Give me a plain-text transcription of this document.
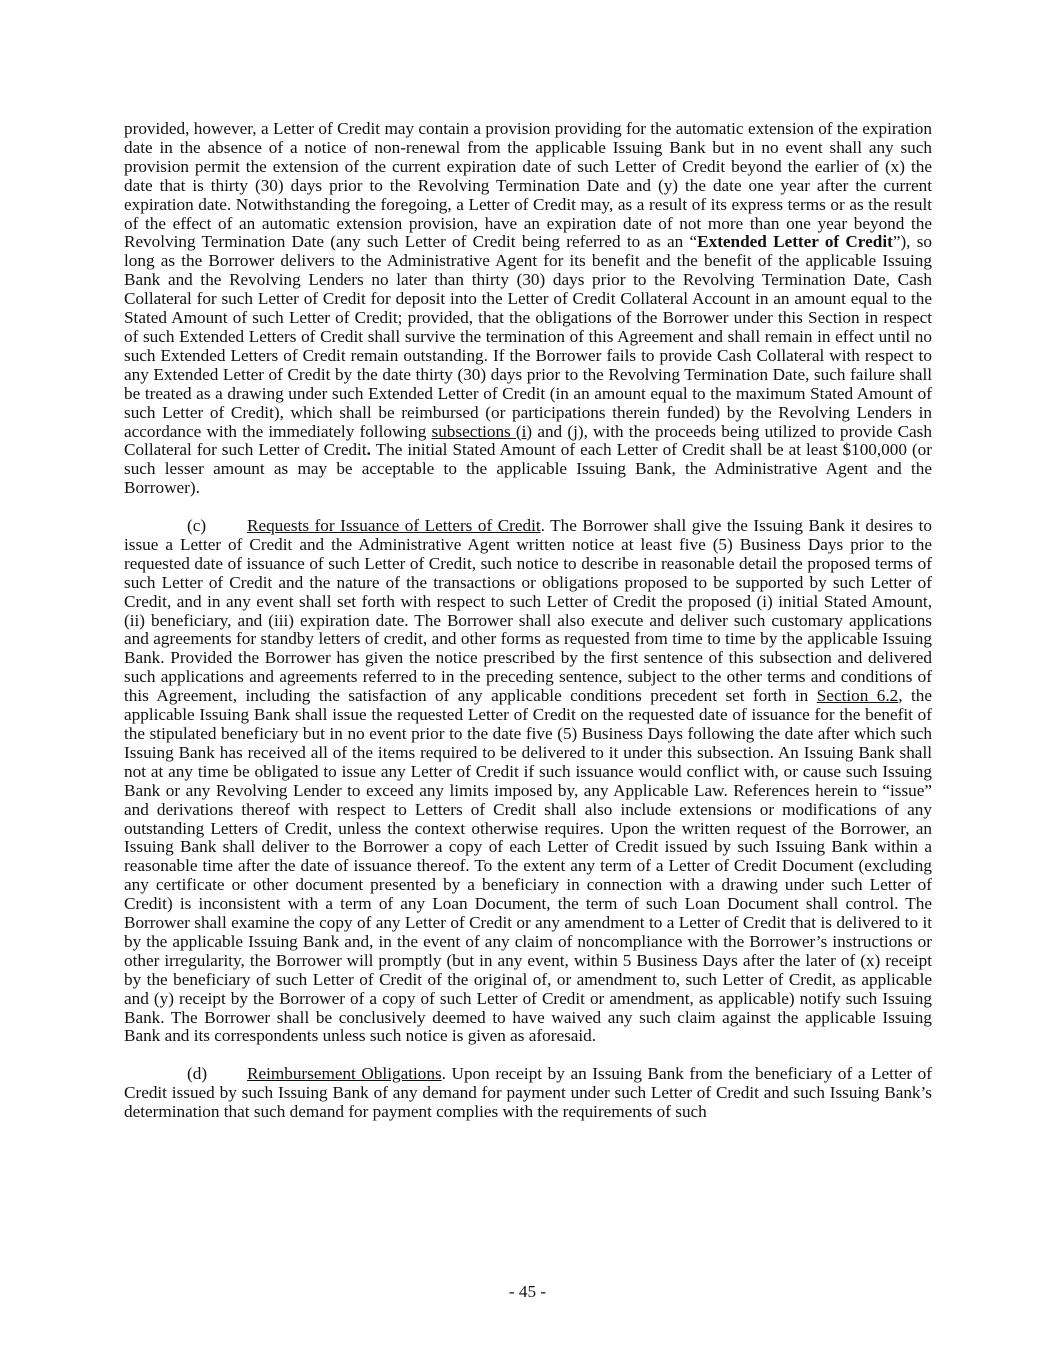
provided, however, a Letter of Credit may contain a provision providing for the automatic extension of the expiration date in the absence of a notice of non-renewal from the applicable Issuing Bank but in no event shall any such provision permit the extension of the current expiration date of such Letter of Credit beyond the earlier of (x) the date that is thirty (30) days prior to the Revolving Termination Date and (y) the date one year after the current expiration date. Notwithstanding the foregoing, a Letter of Credit may, as a result of its express terms or as the result of the effect of an automatic extension provision, have an expiration date of not more than one year beyond the Revolving Termination Date (any such Letter of Credit being referred to as an “Extended Letter of Credit”), so long as the Borrower delivers to the Administrative Agent for its benefit and the benefit of the applicable Issuing Bank and the Revolving Lenders no later than thirty (30) days prior to the Revolving Termination Date, Cash Collateral for such Letter of Credit for deposit into the Letter of Credit Collateral Account in an amount equal to the Stated Amount of such Letter of Credit; provided, that the obligations of the Borrower under this Section in respect of such Extended Letters of Credit shall survive the termination of this Agreement and shall remain in effect until no such Extended Letters of Credit remain outstanding. If the Borrower fails to provide Cash Collateral with respect to any Extended Letter of Credit by the date thirty (30) days prior to the Revolving Termination Date, such failure shall be treated as a drawing under such Extended Letter of Credit (in an amount equal to the maximum Stated Amount of such Letter of Credit), which shall be reimbursed (or participations therein funded) by the Revolving Lenders in accordance with the immediately following subsections (i) and (j), with the proceeds being utilized to provide Cash Collateral for such Letter of Credit. The initial Stated Amount of each Letter of Credit shall be at least $100,000 (or such lesser amount as may be acceptable to the applicable Issuing Bank, the Administrative Agent and the Borrower).

(c) Requests for Issuance of Letters of Credit. The Borrower shall give the Issuing Bank it desires to issue a Letter of Credit and the Administrative Agent written notice at least five (5) Business Days prior to the requested date of issuance of such Letter of Credit, such notice to describe in reasonable detail the proposed terms of such Letter of Credit and the nature of the transactions or obligations proposed to be supported by such Letter of Credit, and in any event shall set forth with respect to such Letter of Credit the proposed (i) initial Stated Amount, (ii) beneficiary, and (iii) expiration date. The Borrower shall also execute and deliver such customary applications and agreements for standby letters of credit, and other forms as requested from time to time by the applicable Issuing Bank. Provided the Borrower has given the notice prescribed by the first sentence of this subsection and delivered such applications and agreements referred to in the preceding sentence, subject to the other terms and conditions of this Agreement, including the satisfaction of any applicable conditions precedent set forth in Section 6.2, the applicable Issuing Bank shall issue the requested Letter of Credit on the requested date of issuance for the benefit of the stipulated beneficiary but in no event prior to the date five (5) Business Days following the date after which such Issuing Bank has received all of the items required to be delivered to it under this subsection. An Issuing Bank shall not at any time be obligated to issue any Letter of Credit if such issuance would conflict with, or cause such Issuing Bank or any Revolving Lender to exceed any limits imposed by, any Applicable Law. References herein to “issue” and derivations thereof with respect to Letters of Credit shall also include extensions or modifications of any outstanding Letters of Credit, unless the context otherwise requires. Upon the written request of the Borrower, an Issuing Bank shall deliver to the Borrower a copy of each Letter of Credit issued by such Issuing Bank within a reasonable time after the date of issuance thereof. To the extent any term of a Letter of Credit Document (excluding any certificate or other document presented by a beneficiary in connection with a drawing under such Letter of Credit) is inconsistent with a term of any Loan Document, the term of such Loan Document shall control. The Borrower shall examine the copy of any Letter of Credit or any amendment to a Letter of Credit that is delivered to it by the applicable Issuing Bank and, in the event of any claim of noncompliance with the Borrower’s instructions or other irregularity, the Borrower will promptly (but in any event, within 5 Business Days after the later of (x) receipt by the beneficiary of such Letter of Credit of the original of, or amendment to, such Letter of Credit, as applicable and (y) receipt by the Borrower of a copy of such Letter of Credit or amendment, as applicable) notify such Issuing Bank. The Borrower shall be conclusively deemed to have waived any such claim against the applicable Issuing Bank and its correspondents unless such notice is given as aforesaid.

(d) Reimbursement Obligations. Upon receipt by an Issuing Bank from the beneficiary of a Letter of Credit issued by such Issuing Bank of any demand for payment under such Letter of Credit and such Issuing Bank’s determination that such demand for payment complies with the requirements of such

- 45 -
